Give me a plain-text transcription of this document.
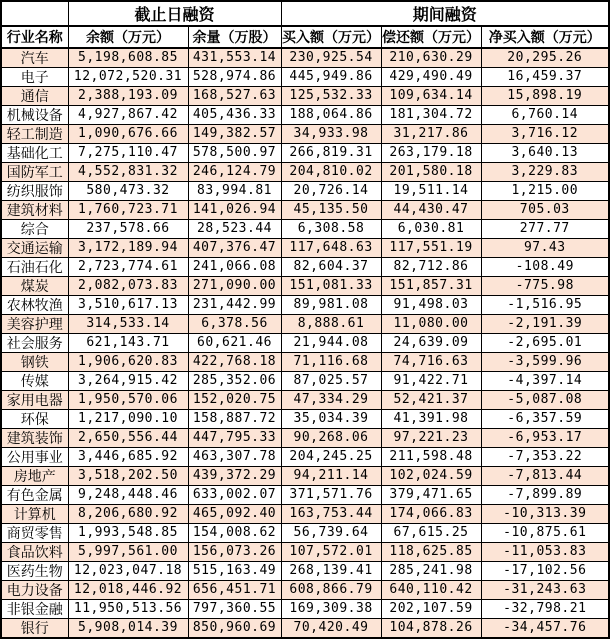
	截止日融资		期间融资		
行业名称	余额（万元）	余量（万股）	买入额（万元）	偿还额（万元）	净买入额（万元）
汽车	5,198,608.85	431,553.14	230,925.54	210,630.29	20,295.26
电子	12,072,520.31	528,974.86	445,949.86	429,490.49	16,459.37
通信	2,388,193.09	168,527.63	125,532.33	109,634.14	15,898.19
机械设备	4,927,867.42	405,436.33	188,064.86	181,304.72	6,760.14
轻工制造	1,090,676.66	149,382.57	34,933.98	31,217.86	3,716.12
基础化工	7,275,110.47	578,500.97	266,819.31	263,179.18	3,640.13
国防军工	4,552,831.32	246,124.79	204,810.02	201,580.18	3,229.83
纺织服饰	580,473.32	83,994.81	20,726.14	19,511.14	1,215.00
建筑材料	1,760,723.71	141,026.94	45,135.50	44,430.47	705.03
综合	237,578.66	28,523.44	6,308.58	6,030.81	277.77
交通运输	3,172,189.94	407,376.47	117,648.63	117,551.19	97.43
石油石化	2,723,774.61	241,066.08	82,604.37	82,712.86	-108.49
煤炭	2,082,073.83	271,090.00	151,081.33	151,857.31	-775.98
农林牧渔	3,510,617.13	231,442.99	89,981.08	91,498.03	-1,516.95
美容护理	314,533.14	6,378.56	8,888.61	11,080.00	-2,191.39
社会服务	621,143.71	60,621.46	21,944.08	24,639.09	-2,695.01
钢铁	1,906,620.83	422,768.18	71,116.68	74,716.63	-3,599.96
传媒	3,264,915.42	285,352.06	87,025.57	91,422.71	-4,397.14
家用电器	1,950,570.06	152,020.75	47,334.29	52,421.37	-5,087.08
环保	1,217,090.10	158,887.72	35,034.39	41,391.98	-6,357.59
建筑装饰	2,650,556.44	447,795.33	90,268.06	97,221.23	-6,953.17
公用事业	3,446,685.92	463,307.78	204,245.25	211,598.48	-7,353.22
房地产	3,518,202.50	439,372.29	94,211.14	102,024.59	-7,813.44
有色金属	9,248,448.46	633,002.07	371,571.76	379,471.65	-7,899.89
计算机	8,206,680.92	465,092.40	163,753.44	174,066.83	-10,313.39
商贸零售	1,993,548.85	154,008.62	56,739.64	67,615.25	-10,875.61
食品饮料	5,997,561.00	156,073.26	107,572.01	118,625.85	-11,053.83
医药生物	12,023,047.18	515,163.49	268,139.41	285,241.98	-17,102.56
电力设备	12,018,446.92	656,451.71	608,866.79	640,110.42	-31,243.63
非银金融	11,950,513.56	797,360.55	169,309.38	202,107.59	-32,798.21
银行	5,908,014.39	850,960.69	70,420.49	104,878.26	-34,457.76
